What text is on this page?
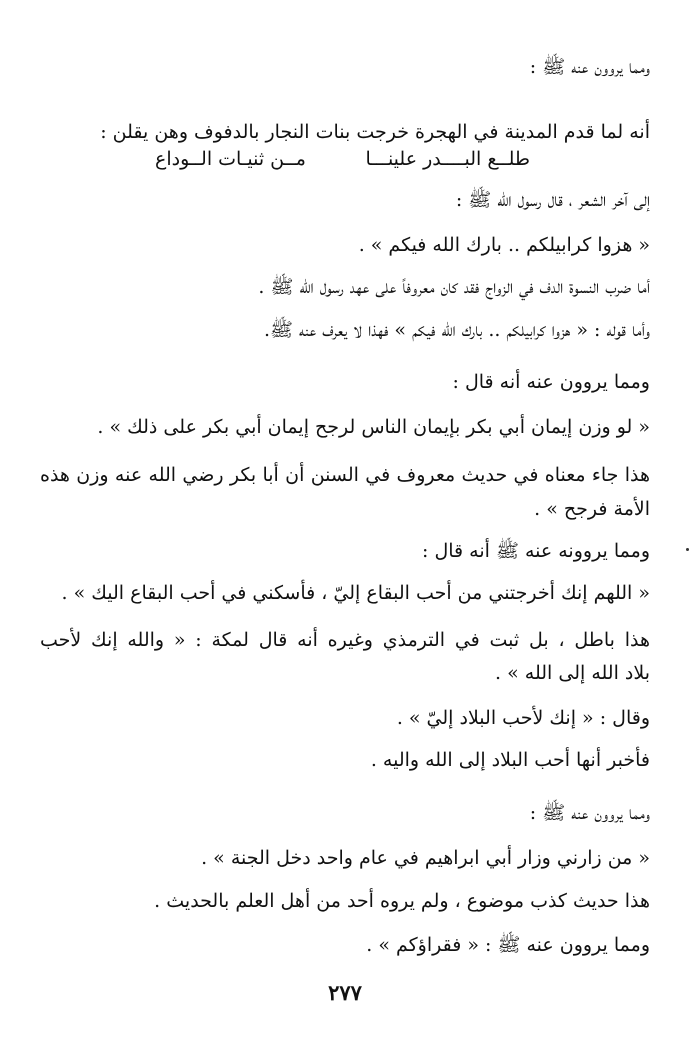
ومما يروون عنه ﷺ :
أنه لما قدم المدينة في الهجرة خرجت بنات النجار بالدفوف وهن يقلن :
طلــع البــــدر علينـــا
مــن ثنيـات الــوداع
إلى آخر الشعر ، قال رسول الله ﷺ :
« هزوا كرابيلكم .. بارك الله فيكم » .
أما ضرب النسوة الدف في الزواج فقد كان معروفاً على عهد رسول الله ﷺ .
وأما قوله : « هزوا كرابيلكم .. بارك الله فيكم » فهذا لا يعرف عنه ﷺ.
ومما يروون عنه أنه قال :
« لو وزن إيمان أبي بكر بإيمان الناس لرجح إيمان أبي بكر على ذلك » .
هذا جاء معناه في حديث معروف في السنن أن أبا بكر رضي الله عنه وزن هذه
الأمة فرجح » .
ومما يروونه عنه ﷺ أنه قال :
« اللهم إنك أخرجتني من أحب البقاع إليّ ، فأسكني في أحب البقاع اليك » .
هذا باطل ، بل ثبت في الترمذي وغيره أنه قال لمكة : « والله إنك لأحب
بلاد الله إلى الله » .
وقال : « إنك لأحب البلاد إليّ » .
فأخبر أنها أحب البلاد إلى الله واليه .
ومما يروون عنه ﷺ :
« من زارني وزار أبي ابراهيم في عام واحد دخل الجنة » .
هذا حديث كذب موضوع ، ولم يروه أحد من أهل العلم بالحديث .
ومما يروون عنه ﷺ : « فقراؤكم » .
٢٧٧
